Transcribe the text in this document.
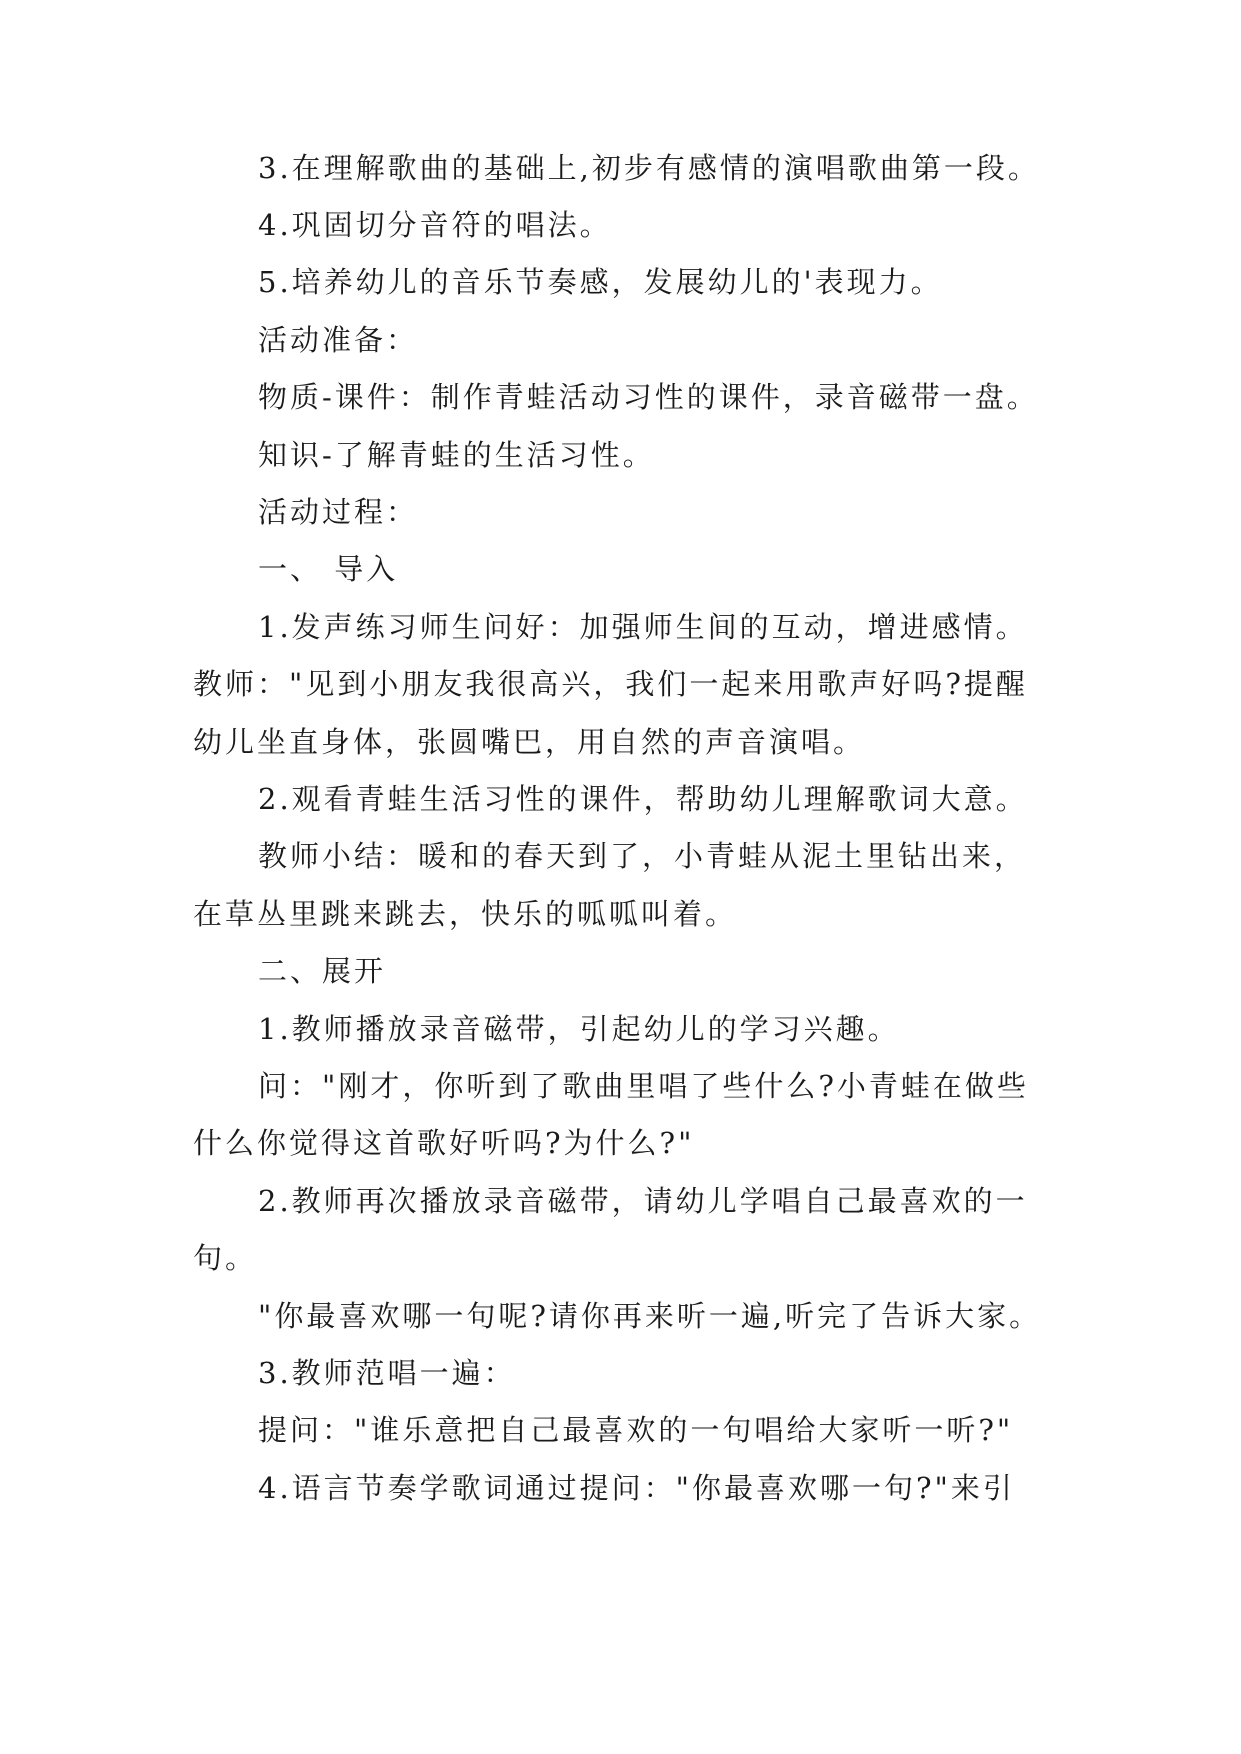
3.在理解歌曲的基础上,初步有感情的演唱歌曲第一段。
4.巩固切分音符的唱法。
5.培养幼儿的音乐节奏感，发展幼儿的'表现力。
活动准备：
物质-课件：制作青蛙活动习性的课件，录音磁带一盘。
知识-了解青蛙的生活习性。
活动过程：
一、 导入
1.发声练习师生问好：加强师生间的互动，增进感情。
教师："见到小朋友我很高兴，我们一起来用歌声好吗?提醒
幼儿坐直身体，张圆嘴巴，用自然的声音演唱。
2.观看青蛙生活习性的课件，帮助幼儿理解歌词大意。
教师小结：暖和的春天到了，小青蛙从泥土里钻出来，
在草丛里跳来跳去，快乐的呱呱叫着。
二、展开
1.教师播放录音磁带，引起幼儿的学习兴趣。
问："刚才，你听到了歌曲里唱了些什么?小青蛙在做些
什么你觉得这首歌好听吗?为什么?"
2.教师再次播放录音磁带，请幼儿学唱自己最喜欢的一
句。
"你最喜欢哪一句呢?请你再来听一遍,听完了告诉大家。
3.教师范唱一遍：
提问："谁乐意把自己最喜欢的一句唱给大家听一听?"
4.语言节奏学歌词通过提问："你最喜欢哪一句?"来引
